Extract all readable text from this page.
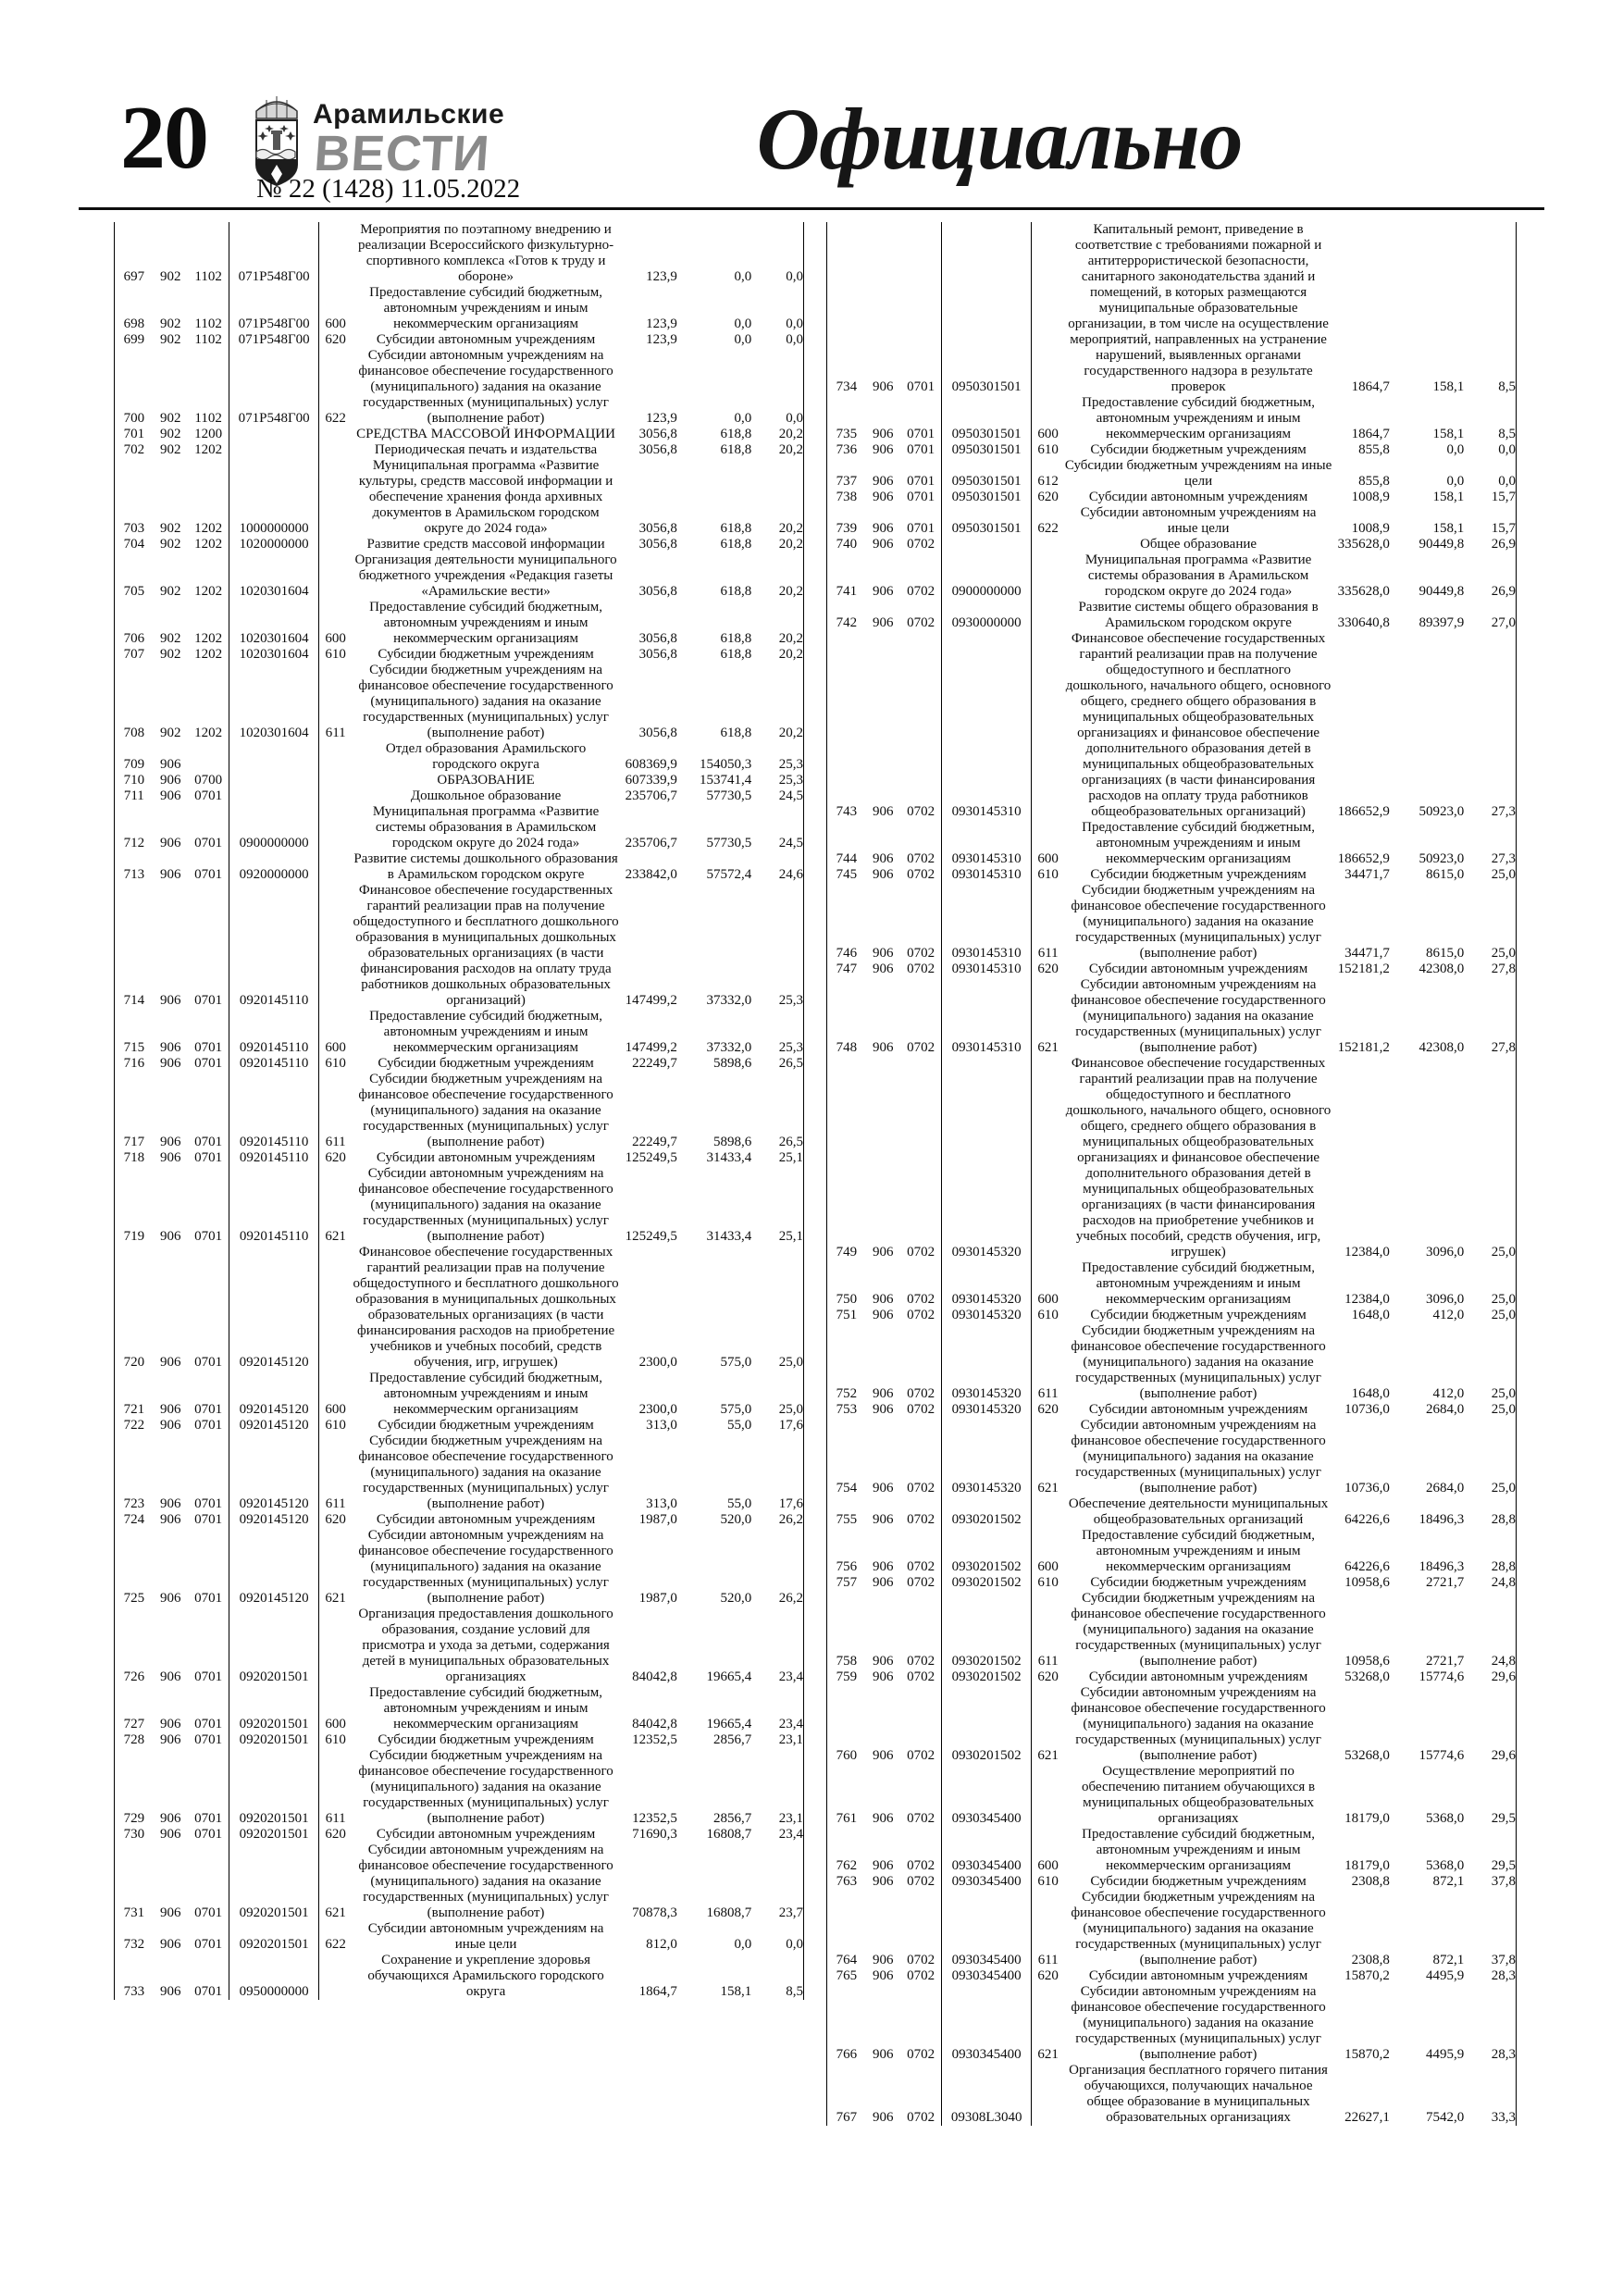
20	Арамильские
ВЕСТИ
№ 22 (1428) 11.05.2022
Официально
697	902	1102	071Р548Г00		Мероприятия по поэтапному внедрению и реализации Всероссийского физкультурно-спортивного комплекса «Готов к труду и обороне»	123,9	0,0	0,0
698	902	1102	071Р548Г00	600	Предоставление субсидий бюджетным, автономным учреждениям и иным некоммерческим организациям	123,9	0,0	0,0
699	902	1102	071Р548Г00	620	Субсидии автономным учреждениям	123,9	0,0	0,0
700	902	1102	071Р548Г00	622	Субсидии автономным учреждениям на финансовое обеспечение государственного (муниципального) задания на оказание государственных (муниципальных) услуг (выполнение работ)	123,9	0,0	0,0
701	902	1200			СРЕДСТВА МАССОВОЙ ИНФОРМАЦИИ	3056,8	618,8	20,2
702	902	1202			Периодическая печать и издательства	3056,8	618,8	20,2
703	902	1202	1000000000		Муниципальная программа «Развитие культуры, средств массовой информации и обеспечение хранения фонда архивных документов в Арамильском городском округе до 2024 года»	3056,8	618,8	20,2
704	902	1202	1020000000		Развитие средств массовой информации	3056,8	618,8	20,2
705	902	1202	1020301604		Организация деятельности муниципального бюджетного учреждения «Редакция газеты «Арамильские вести»	3056,8	618,8	20,2
706	902	1202	1020301604	600	Предоставление субсидий бюджетным, автономным учреждениям и иным некоммерческим организациям	3056,8	618,8	20,2
707	902	1202	1020301604	610	Субсидии бюджетным учреждениям	3056,8	618,8	20,2
708	902	1202	1020301604	611	Субсидии бюджетным учреждениям на финансовое обеспечение государственного (муниципального) задания на оказание государственных (муниципальных) услуг (выполнение работ)	3056,8	618,8	20,2
709	906				Отдел образования Арамильского городского округа	608369,9	154050,3	25,3
710	906	0700			ОБРАЗОВАНИЕ	607339,9	153741,4	25,3
711	906	0701			Дошкольное образование	235706,7	57730,5	24,5
712	906	0701	0900000000		Муниципальная программа «Развитие системы образования в Арамильском городском округе до 2024 года»	235706,7	57730,5	24,5
713	906	0701	0920000000		Развитие системы дошкольного образования в Арамильском городском округе	233842,0	57572,4	24,6
714	906	0701	0920145110		Финансовое обеспечение государственных гарантий реализации прав на получение общедоступного и бесплатного дошкольного образования в муниципальных дошкольных образовательных организациях (в части финансирования расходов на оплату труда работников дошкольных образовательных организаций)	147499,2	37332,0	25,3
715	906	0701	0920145110	600	Предоставление субсидий бюджетным, автономным учреждениям и иным некоммерческим организациям	147499,2	37332,0	25,3
716	906	0701	0920145110	610	Субсидии бюджетным учреждениям	22249,7	5898,6	26,5
717	906	0701	0920145110	611	Субсидии бюджетным учреждениям на финансовое обеспечение государственного (муниципального) задания на оказание государственных (муниципальных) услуг (выполнение работ)	22249,7	5898,6	26,5
718	906	0701	0920145110	620	Субсидии автономным учреждениям	125249,5	31433,4	25,1
719	906	0701	0920145110	621	Субсидии автономным учреждениям на финансовое обеспечение государственного (муниципального) задания на оказание государственных (муниципальных) услуг (выполнение работ)	125249,5	31433,4	25,1
720	906	0701	0920145120		Финансовое обеспечение государственных гарантий реализации прав на получение общедоступного и бесплатного дошкольного образования в муниципальных дошкольных образовательных организациях (в части финансирования расходов на приобретение учебников и учебных пособий, средств обучения, игр, игрушек)	2300,0	575,0	25,0
721	906	0701	0920145120	600	Предоставление субсидий бюджетным, автономным учреждениям и иным некоммерческим организациям	2300,0	575,0	25,0
722	906	0701	0920145120	610	Субсидии бюджетным учреждениям	313,0	55,0	17,6
723	906	0701	0920145120	611	Субсидии бюджетным учреждениям на финансовое обеспечение государственного (муниципального) задания на оказание государственных (муниципальных) услуг (выполнение работ)	313,0	55,0	17,6
724	906	0701	0920145120	620	Субсидии автономным учреждениям	1987,0	520,0	26,2
725	906	0701	0920145120	621	Субсидии автономным учреждениям на финансовое обеспечение государственного (муниципального) задания на оказание государственных (муниципальных) услуг (выполнение работ)	1987,0	520,0	26,2
726	906	0701	0920201501		Организация предоставления дошкольного образования, создание условий для присмотра и ухода за детьми, содержания детей в муниципальных образовательных организациях	84042,8	19665,4	23,4
727	906	0701	0920201501	600	Предоставление субсидий бюджетным, автономным учреждениям и иным некоммерческим организациям	84042,8	19665,4	23,4
728	906	0701	0920201501	610	Субсидии бюджетным учреждениям	12352,5	2856,7	23,1
729	906	0701	0920201501	611	Субсидии бюджетным учреждениям на финансовое обеспечение государственного (муниципального) задания на оказание государственных (муниципальных) услуг (выполнение работ)	12352,5	2856,7	23,1
730	906	0701	0920201501	620	Субсидии автономным учреждениям	71690,3	16808,7	23,4
731	906	0701	0920201501	621	Субсидии автономным учреждениям на финансовое обеспечение государственного (муниципального) задания на оказание государственных (муниципальных) услуг (выполнение работ)	70878,3	16808,7	23,7
732	906	0701	0920201501	622	Субсидии автономным учреждениям на иные цели	812,0	0,0	0,0
733	906	0701	0950000000		Сохранение и укрепление здоровья обучающихся Арамильского городского округа	1864,7	158,1	8,5
734	906	0701	0950301501		Капитальный ремонт, приведение в соответствие с требованиями пожарной и антитеррористической безопасности, санитарного законодательства зданий и помещений, в которых размещаются муниципальные образовательные организации, в том числе на осуществление мероприятий, направленных на устранение нарушений, выявленных органами государственного надзора в результате проверок	1864,7	158,1	8,5
735	906	0701	0950301501	600	Предоставление субсидий бюджетным, автономным учреждениям и иным некоммерческим организациям	1864,7	158,1	8,5
736	906	0701	0950301501	610	Субсидии бюджетным учреждениям	855,8	0,0	0,0
737	906	0701	0950301501	612	Субсидии бюджетным учреждениям на иные цели	855,8	0,0	0,0
738	906	0701	0950301501	620	Субсидии автономным учреждениям	1008,9	158,1	15,7
739	906	0701	0950301501	622	Субсидии автономным учреждениям на иные цели	1008,9	158,1	15,7
740	906	0702			Общее образование	335628,0	90449,8	26,9
741	906	0702	0900000000		Муниципальная программа «Развитие системы образования в Арамильском городском округе до 2024 года»	335628,0	90449,8	26,9
742	906	0702	0930000000		Развитие системы общего образования в Арамильском городском округе	330640,8	89397,9	27,0
743	906	0702	0930145310		Финансовое обеспечение государственных гарантий реализации прав на получение общедоступного и бесплатного дошкольного, начального общего, основного общего, среднего общего образования в муниципальных общеобразовательных организациях и финансовое обеспечение дополнительного образования детей в муниципальных общеобразовательных организациях (в части финансирования расходов на оплату труда работников общеобразовательных организаций)	186652,9	50923,0	27,3
744	906	0702	0930145310	600	Предоставление субсидий бюджетным, автономным учреждениям и иным некоммерческим организациям	186652,9	50923,0	27,3
745	906	0702	0930145310	610	Субсидии бюджетным учреждениям	34471,7	8615,0	25,0
746	906	0702	0930145310	611	Субсидии бюджетным учреждениям на финансовое обеспечение государственного (муниципального) задания на оказание государственных (муниципальных) услуг (выполнение работ)	34471,7	8615,0	25,0
747	906	0702	0930145310	620	Субсидии автономным учреждениям	152181,2	42308,0	27,8
748	906	0702	0930145310	621	Субсидии автономным учреждениям на финансовое обеспечение государственного (муниципального) задания на оказание государственных (муниципальных) услуг (выполнение работ)	152181,2	42308,0	27,8
749	906	0702	0930145320		Финансовое обеспечение государственных гарантий реализации прав на получение общедоступного и бесплатного дошкольного, начального общего, основного общего, среднего общего образования в муниципальных общеобразовательных организациях и финансовое обеспечение дополнительного образования детей в муниципальных общеобразовательных организациях (в части финансирования расходов на приобретение учебников и учебных пособий, средств обучения, игр, игрушек)	12384,0	3096,0	25,0
750	906	0702	0930145320	600	Предоставление субсидий бюджетным, автономным учреждениям и иным некоммерческим организациям	12384,0	3096,0	25,0
751	906	0702	0930145320	610	Субсидии бюджетным учреждениям	1648,0	412,0	25,0
752	906	0702	0930145320	611	Субсидии бюджетным учреждениям на финансовое обеспечение государственного (муниципального) задания на оказание государственных (муниципальных) услуг (выполнение работ)	1648,0	412,0	25,0
753	906	0702	0930145320	620	Субсидии автономным учреждениям	10736,0	2684,0	25,0
754	906	0702	0930145320	621	Субсидии автономным учреждениям на финансовое обеспечение государственного (муниципального) задания на оказание государственных (муниципальных) услуг (выполнение работ)	10736,0	2684,0	25,0
755	906	0702	0930201502		Обеспечение деятельности муниципальных общеобразовательных организаций	64226,6	18496,3	28,8
756	906	0702	0930201502	600	Предоставление субсидий бюджетным, автономным учреждениям и иным некоммерческим организациям	64226,6	18496,3	28,8
757	906	0702	0930201502	610	Субсидии бюджетным учреждениям	10958,6	2721,7	24,8
758	906	0702	0930201502	611	Субсидии бюджетным учреждениям на финансовое обеспечение государственного (муниципального) задания на оказание государственных (муниципальных) услуг (выполнение работ)	10958,6	2721,7	24,8
759	906	0702	0930201502	620	Субсидии автономным учреждениям	53268,0	15774,6	29,6
760	906	0702	0930201502	621	Субсидии автономным учреждениям на финансовое обеспечение государственного (муниципального) задания на оказание государственных (муниципальных) услуг (выполнение работ)	53268,0	15774,6	29,6
761	906	0702	0930345400		Осуществление мероприятий по обеспечению питанием обучающихся в муниципальных общеобразовательных организациях	18179,0	5368,0	29,5
762	906	0702	0930345400	600	Предоставление субсидий бюджетным, автономным учреждениям и иным некоммерческим организациям	18179,0	5368,0	29,5
763	906	0702	0930345400	610	Субсидии бюджетным учреждениям	2308,8	872,1	37,8
764	906	0702	0930345400	611	Субсидии бюджетным учреждениям на финансовое обеспечение государственного (муниципального) задания на оказание государственных (муниципальных) услуг (выполнение работ)	2308,8	872,1	37,8
765	906	0702	0930345400	620	Субсидии автономным учреждениям	15870,2	4495,9	28,3
766	906	0702	0930345400	621	Субсидии автономным учреждениям на финансовое обеспечение государственного (муниципального) задания на оказание государственных (муниципальных) услуг (выполнение работ)	15870,2	4495,9	28,3
767	906	0702	09308L3040		Организация бесплатного горячего питания обучающихся, получающих начальное общее образование в муниципальных образовательных организациях	22627,1	7542,0	33,3
